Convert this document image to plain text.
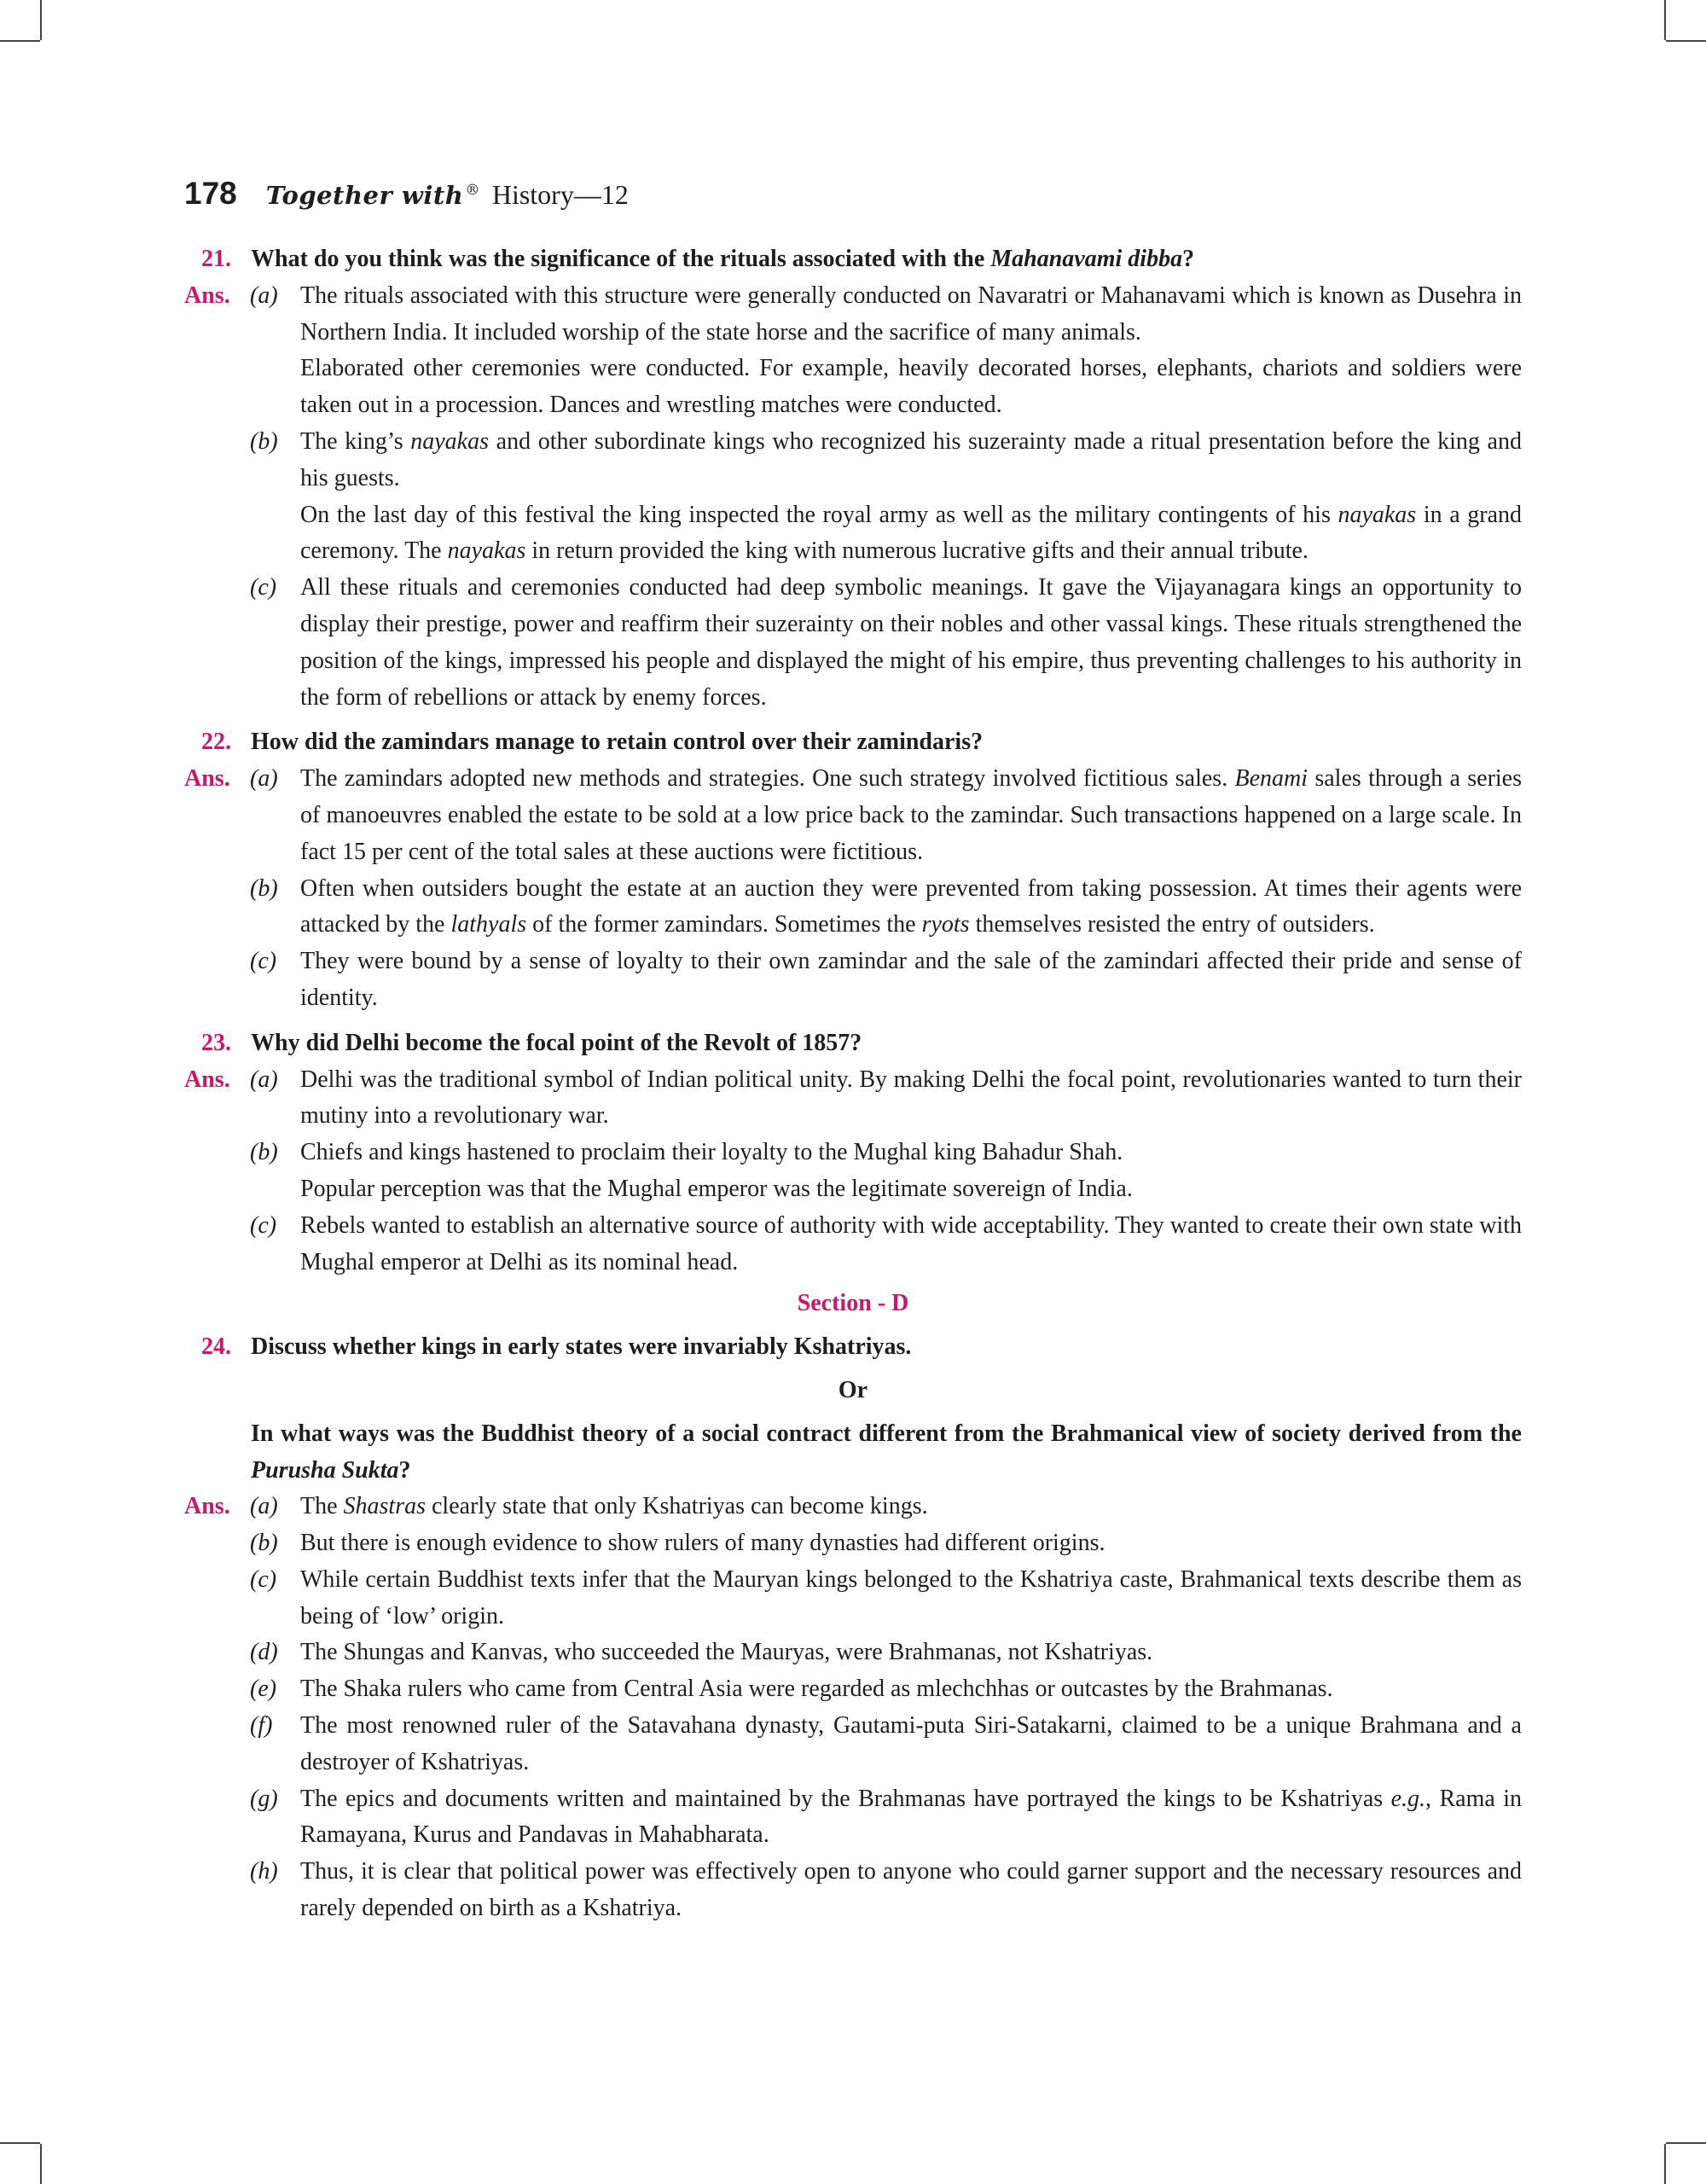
178 Together with ® History—12
21. What do you think was the significance of the rituals associated with the Mahanavami dibba?
Ans. (a) The rituals associated with this structure were generally conducted on Navaratri or Mahanavami which is known as Dusehra in Northern India. It included worship of the state horse and the sacrifice of many animals.

Elaborated other ceremonies were conducted. For example, heavily decorated horses, elephants, chariots and soldiers were taken out in a procession. Dances and wrestling matches were conducted.

(b) The king’s nayakas and other subordinate kings who recognized his suzerainty made a ritual presentation before the king and his guests.

On the last day of this festival the king inspected the royal army as well as the military contingents of his nayakas in a grand ceremony. The nayakas in return provided the king with numerous lucrative gifts and their annual tribute.

(c) All these rituals and ceremonies conducted had deep symbolic meanings. It gave the Vijayanagara kings an opportunity to display their prestige, power and reaffirm their suzerainty on their nobles and other vassal kings. These rituals strengthened the position of the kings, impressed his people and displayed the might of his empire, thus preventing challenges to his authority in the form of rebellions or attack by enemy forces.

22. How did the zamindars manage to retain control over their zamindaris?
Ans. (a) The zamindars adopted new methods and strategies. One such strategy involved fictitious sales. Benami sales through a series of manoeuvres enabled the estate to be sold at a low price back to the zamindar. Such transactions happened on a large scale. In fact 15 per cent of the total sales at these auctions were fictitious.

(b) Often when outsiders bought the estate at an auction they were prevented from taking possession. At times their agents were attacked by the lathyals of the former zamindars. Sometimes the ryots themselves resisted the entry of outsiders.

(c) They were bound by a sense of loyalty to their own zamindar and the sale of the zamindari affected their pride and sense of identity.

23. Why did Delhi become the focal point of the Revolt of 1857?
Ans. (a) Delhi was the traditional symbol of Indian political unity. By making Delhi the focal point, revolutionaries wanted to turn their mutiny into a revolutionary war.

(b) Chiefs and kings hastened to proclaim their loyalty to the Mughal king Bahadur Shah.

Popular perception was that the Mughal emperor was the legitimate sovereign of India.

(c) Rebels wanted to establish an alternative source of authority with wide acceptability. They wanted to create their own state with Mughal emperor at Delhi as its nominal head.

Section - D
24. Discuss whether kings in early states were invariably Kshatriyas.
Or
In what ways was the Buddhist theory of a social contract different from the Brahmanical view of society derived from the Purusha Sukta?
Ans. (a) The Shastras clearly state that only Kshatriyas can become kings.

(b) But there is enough evidence to show rulers of many dynasties had different origins.

(c) While certain Buddhist texts infer that the Mauryan kings belonged to the Kshatriya caste, Brahmanical texts describe them as being of ‘low’ origin.

(d) The Shungas and Kanvas, who succeeded the Mauryas, were Brahmanas, not Kshatriyas.

(e) The Shaka rulers who came from Central Asia were regarded as mlechchhas or outcastes by the Brahmanas.

(f) The most renowned ruler of the Satavahana dynasty, Gautami-puta Siri-Satakarni, claimed to be a unique Brahmana and a destroyer of Kshatriyas.

(g) The epics and documents written and maintained by the Brahmanas have portrayed the kings to be Kshatriyas e.g., Rama in Ramayana, Kurus and Pandavas in Mahabharata.

(h) Thus, it is clear that political power was effectively open to anyone who could garner support and the necessary resources and rarely depended on birth as a Kshatriya.
